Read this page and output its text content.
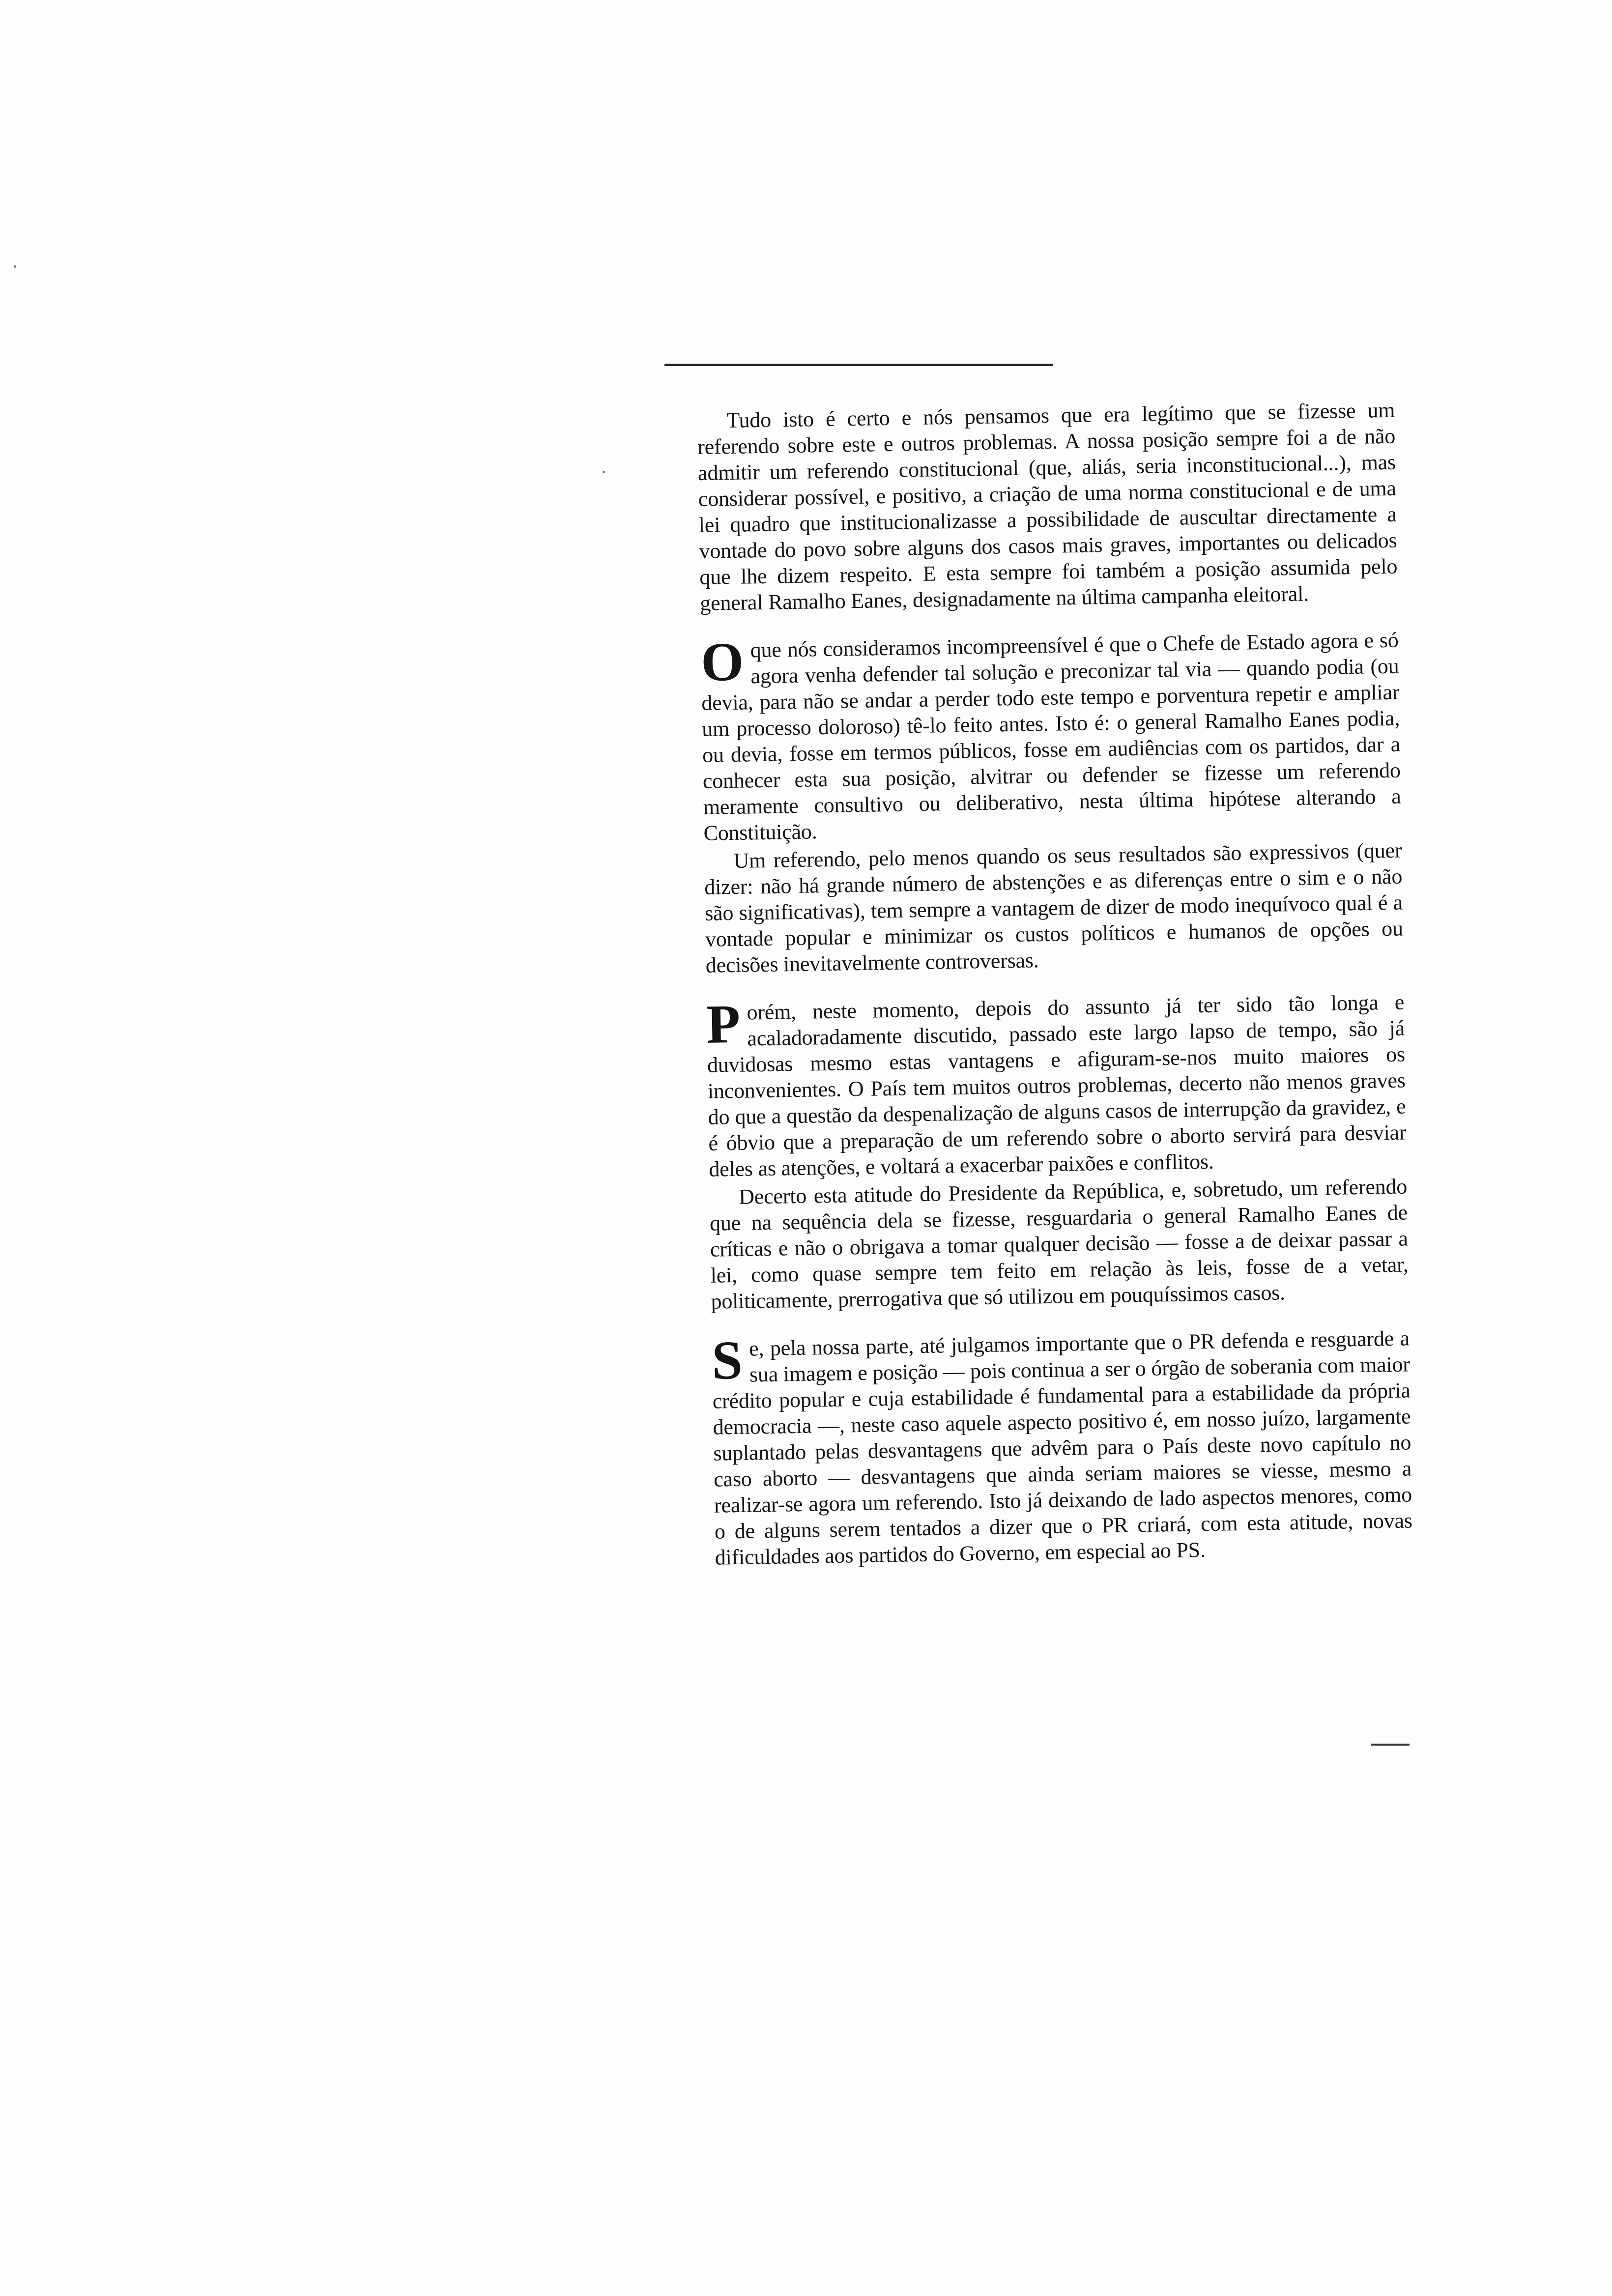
Tudo isto é certo e nós pensamos que era legítimo que se fizesse um referendo sobre este e outros problemas. A nossa posição sempre foi a de não admitir um referendo constitucional (que, aliás, seria inconstitucional...), mas considerar possível, e positivo, a criação de uma norma constitucional e de uma lei quadro que institucionalizasse a possibilidade de auscultar directamente a vontade do povo sobre alguns dos casos mais graves, importantes ou delicados que lhe dizem respeito. E esta sempre foi também a posição assumida pelo general Ramalho Eanes, designadamente na última campanha eleitoral.

O que nós consideramos incompreensível é que o Chefe de Estado agora e só agora venha defender tal solução e preconizar tal via — quando podia (ou devia, para não se andar a perder todo este tempo e porventura repetir e ampliar um processo doloroso) tê-lo feito antes. Isto é: o general Ramalho Eanes podia, ou devia, fosse em termos públicos, fosse em audiências com os partidos, dar a conhecer esta sua posição, alvitrar ou defender se fizesse um referendo meramente consultivo ou deliberativo, nesta última hipótese alterando a Constituição.

Um referendo, pelo menos quando os seus resultados são expressivos (quer dizer: não há grande número de abstenções e as diferenças entre o sim e o não são significativas), tem sempre a vantagem de dizer de modo inequívoco qual é a vontade popular e minimizar os custos políticos e humanos de opções ou decisões inevitavelmente controversas.

Porém, neste momento, depois do assunto já ter sido tão longa e acaladoradamente discutido, passado este largo lapso de tempo, são já duvidosas mesmo estas vantagens e afiguram-se-nos muito maiores os inconvenientes. O País tem muitos outros problemas, decerto não menos graves do que a questão da despenalização de alguns casos de interrupção da gravidez, e é óbvio que a preparação de um referendo sobre o aborto servirá para desviar deles as atenções, e voltará a exacerbar paixões e conflitos.

Decerto esta atitude do Presidente da República, e, sobretudo, um referendo que na sequência dela se fizesse, resguardaria o general Ramalho Eanes de críticas e não o obrigava a tomar qualquer decisão — fosse a de deixar passar a lei, como quase sempre tem feito em relação às leis, fosse de a vetar, politicamente, prerrogativa que só utilizou em pouquíssimos casos.

Se, pela nossa parte, até julgamos importante que o PR defenda e resguarde a sua imagem e posição — pois continua a ser o órgão de soberania com maior crédito popular e cuja estabilidade é fundamental para a estabilidade da própria democracia —, neste caso aquele aspecto positivo é, em nosso juízo, largamente suplantado pelas desvantagens que advêm para o País deste novo capítulo no caso aborto — desvantagens que ainda seriam maiores se viesse, mesmo a realizar-se agora um referendo. Isto já deixando de lado aspectos menores, como o de alguns serem tentados a dizer que o PR criará, com esta atitude, novas dificuldades aos partidos do Governo, em especial ao PS.
